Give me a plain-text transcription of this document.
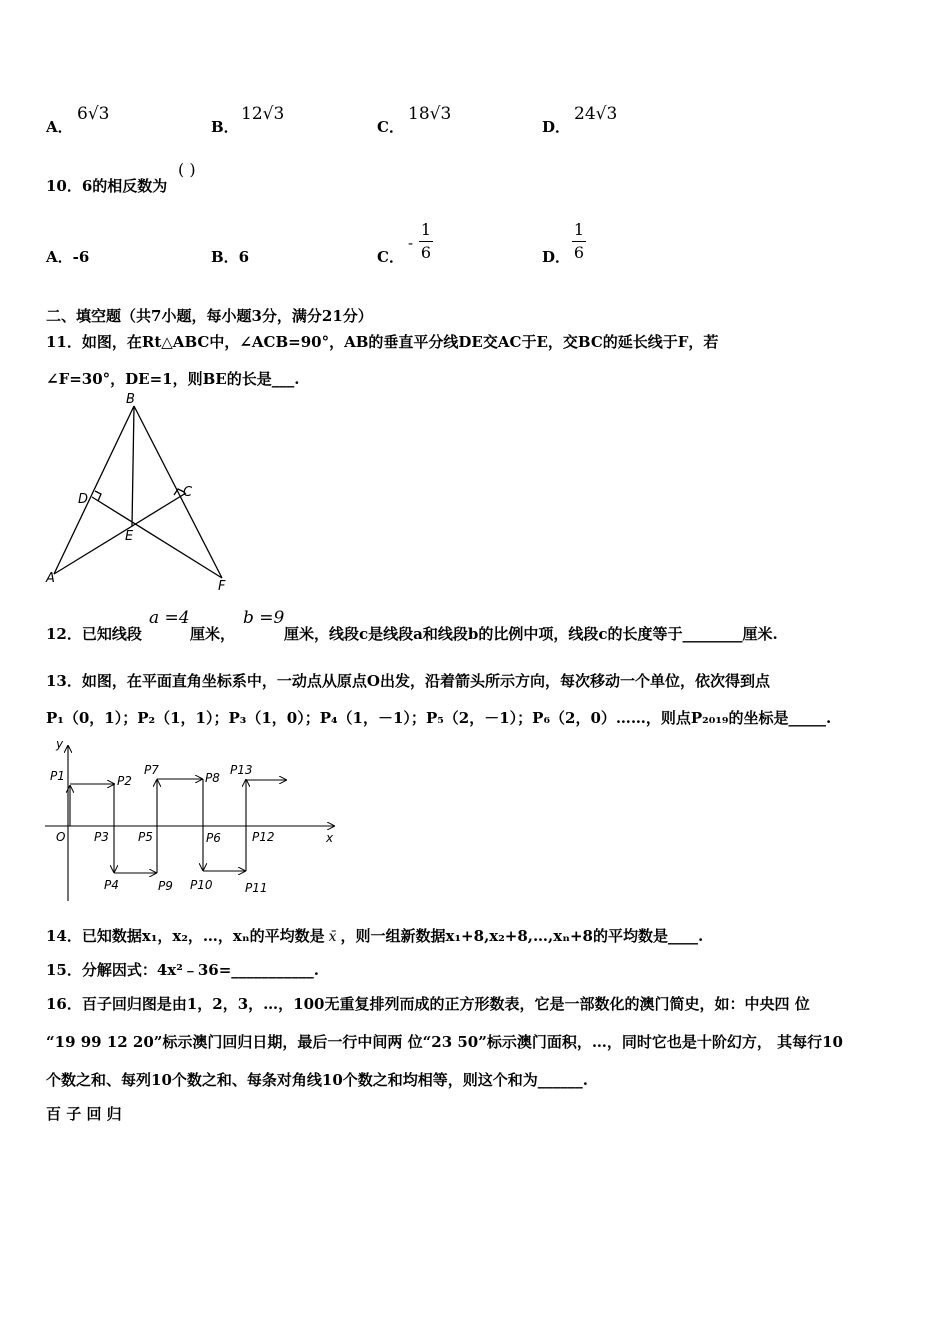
A．
6√3
B．
12√3
C．
18√3
D．
24√3
10．6的相反数为
( )
A．-6	B．6	C．
-
1
6	D．
1
6
二、填空题（共7小题，每小题3分，满分21分）
11．如图，在Rt△ABC中，∠ACB=90°，AB的垂直平分线DE交AC于E，交BC的延长线于F，若
∠F=30°，DE=1，则BE的长是___.
B
D	C
E
A
F
12．已知线段
a =4
厘米，
b =9
厘米，线段c是线段a和线段b的比例中项，线段c的长度等于________厘米.
13．如图，在平面直角坐标系中，一动点从原点O出发，沿着箭头所示方向，每次移动一个单位，依次得到点
P₁（0，1）；P₂（1，1）；P₃（1，0）；P₄（1，－1）；P₅（2，－1）；P₆（2，0）……，则点P₂₀₁₉的坐标是_____.
y
x
O
P1	P2
P3
P4
P5	P6
P7
P8
P9 P10	P11
P12
P13
14．已知数据x₁，x₂，…，xₙ的平均数是 x̄ ，则一组新数据x₁+8,x₂+8,…,xₙ+8的平均数是____.
15．分解因式：4x²﹣36=___________.
16．百子回归图是由1，2，3，…，100无重复排列而成的正方形数表，它是一部数化的澳门简史，如：中央四 位
“19 99 12 20”标示澳门回归日期，最后一行中间两 位“23 50”标示澳门面积，…，同时它也是十阶幻方， 其每行10
个数之和、每列10个数之和、每条对角线10个数之和均相等，则这个和为______.
百 子 回 归
